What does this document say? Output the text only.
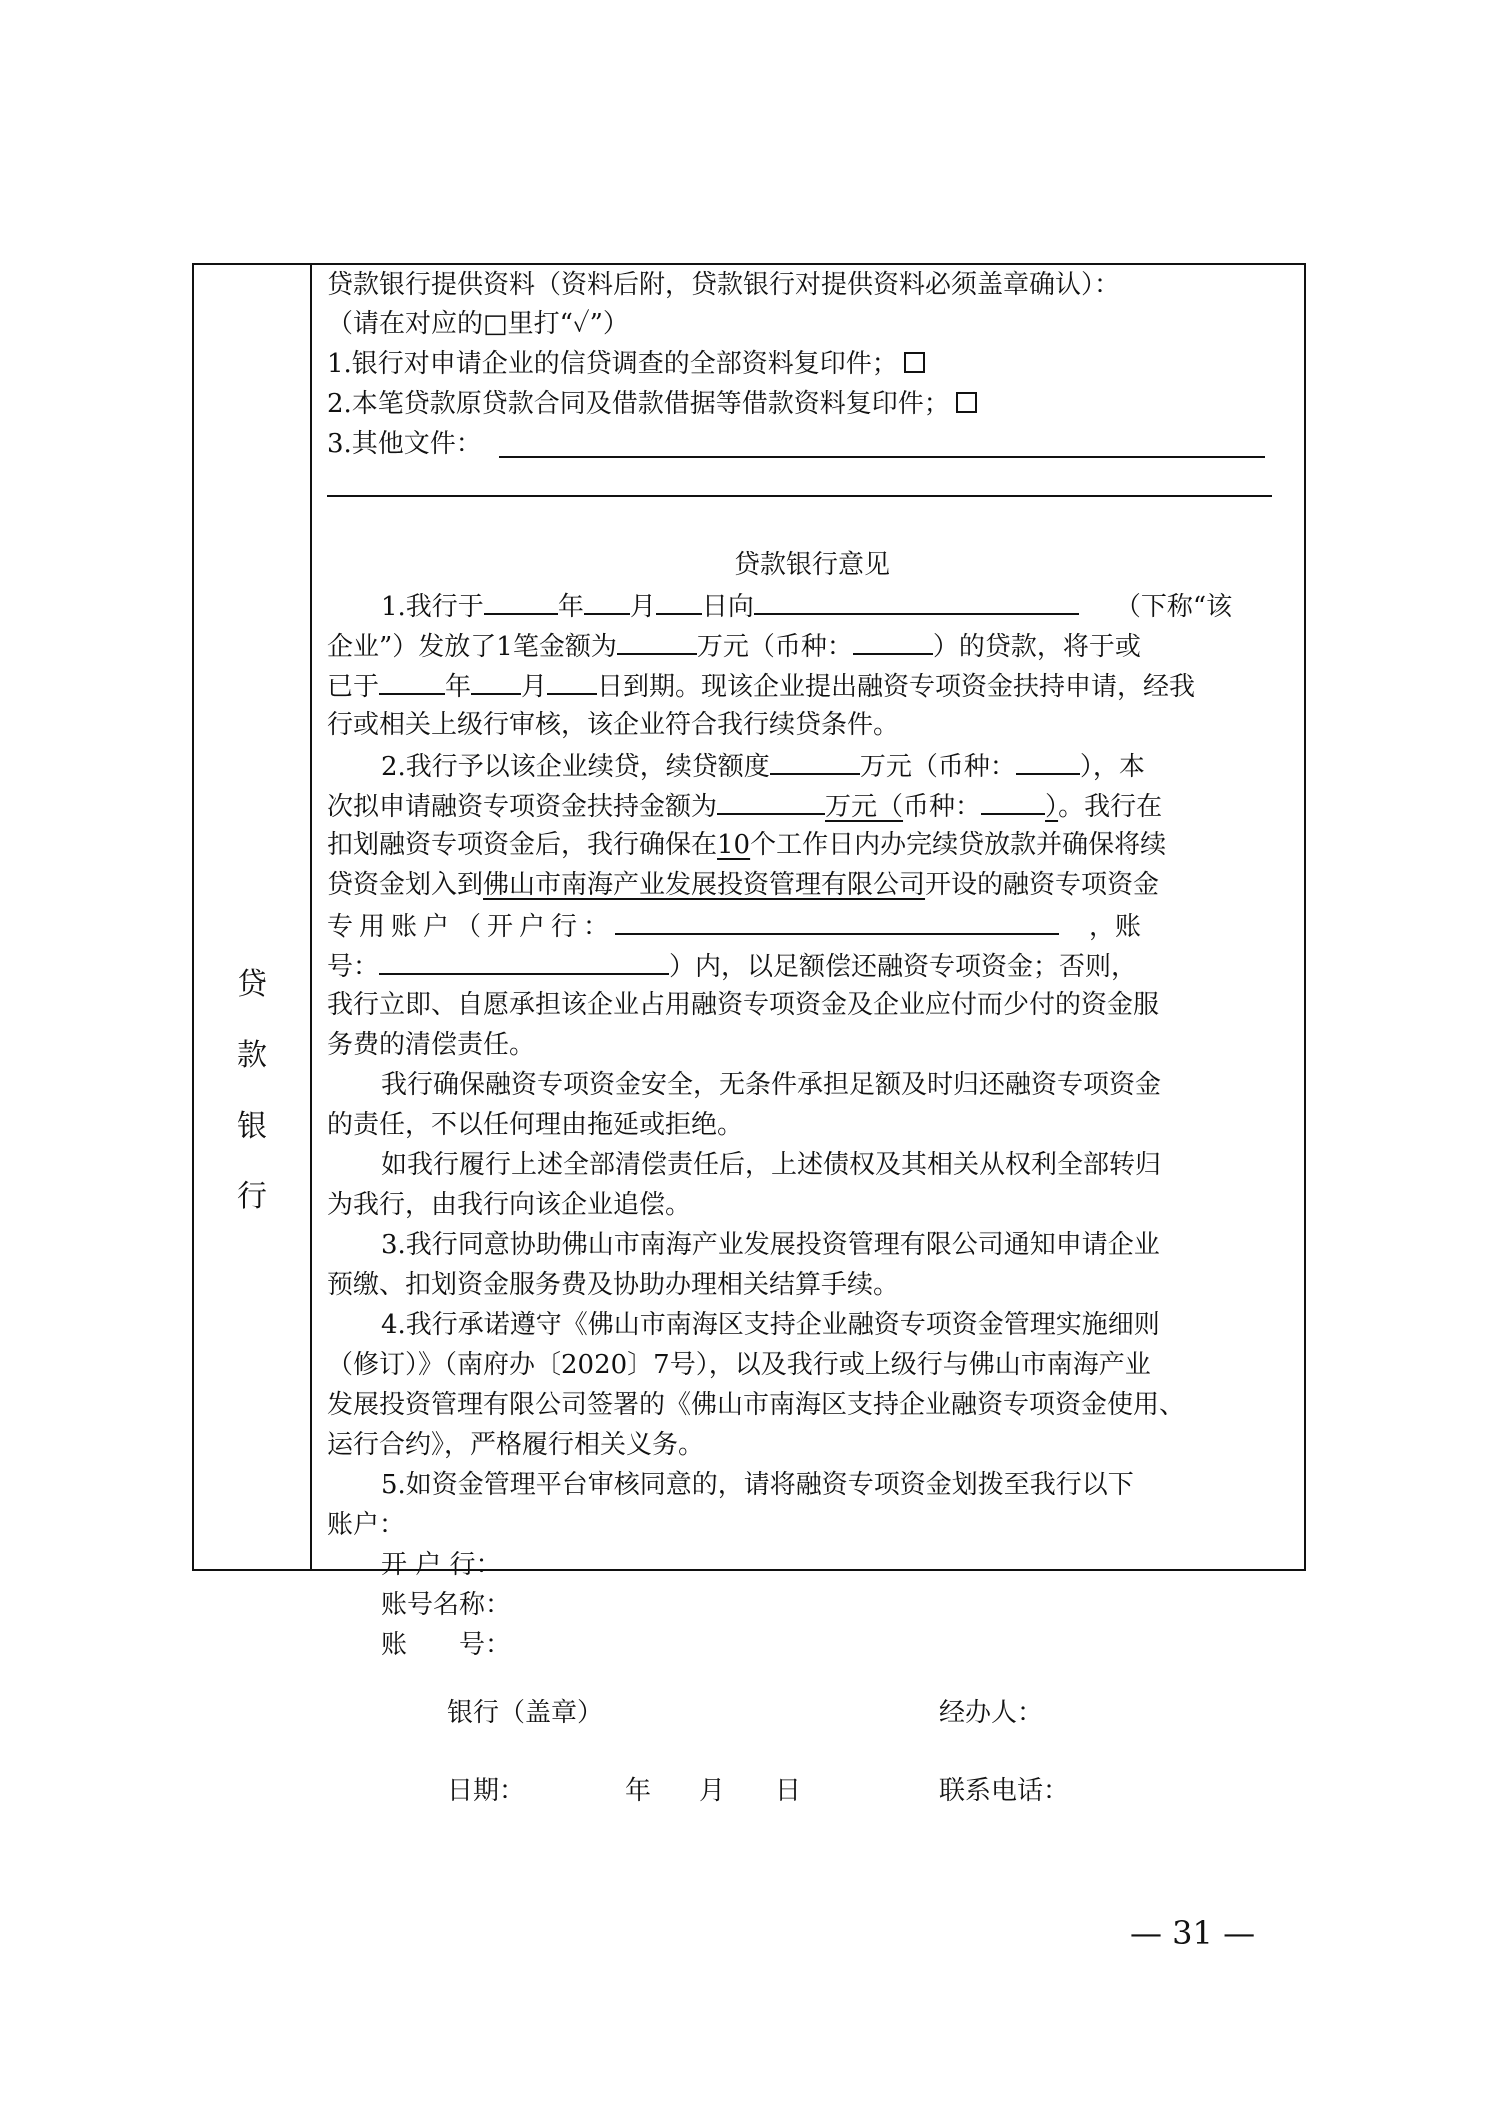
贷
款
银
行
贷款银行提供资料（资料后附，贷款银行对提供资料必须盖章确认）：
（请在对应的□里打“✓”）
1.银行对申请企业的信贷调查的全部资料复印件；
2.本笔贷款原贷款合同及借款借据等借款资料复印件；
3.其他文件：
贷款银行意见
1.我行于	年 月 日向	（下称“该
企业”）发放了1笔金额为	万元（币种：	）的贷款，将于或
已于	年 月 日到期。现该企业提出融资专项资金扶持申请，经我
行或相关上级行审核，该企业符合我行续贷条件。
2.我行予以该企业续贷，续贷额度	万元（币种： ），本
次拟申请融资专项资金扶持金额为	万元（币种： ）。我行在
扣划融资专项资金后，我行确保在10个工作日内办完续贷放款并确保将续
贷资金划入到佛山市南海产业发展投资管理有限公司开设的融资专项资金
专用账户（开户行：	，账
号：	）内，以足额偿还融资专项资金；否则，
我行立即、自愿承担该企业占用融资专项资金及企业应付而少付的资金服
务费的清偿责任。
我行确保融资专项资金安全，无条件承担足额及时归还融资专项资金
的责任，不以任何理由拖延或拒绝。
如我行履行上述全部清偿责任后，上述债权及其相关从权利全部转归
为我行，由我行向该企业追偿。
3.我行同意协助佛山市南海产业发展投资管理有限公司通知申请企业
预缴、扣划资金服务费及协助办理相关结算手续。
4.我行承诺遵守《佛山市南海区支持企业融资专项资金管理实施细则
（修订）》（南府办〔2020〕7号），以及我行或上级行与佛山市南海产业
发展投资管理有限公司签署的《佛山市南海区支持企业融资专项资金使用、
运行合约》，严格履行相关义务。
5.如资金管理平台审核同意的，请将融资专项资金划拨至我行以下
账户：
开 户 行：
账号名称：
账　　号：
银行（盖章）	经办人：
日期：	年 月 日	联系电话：
— 31 —
